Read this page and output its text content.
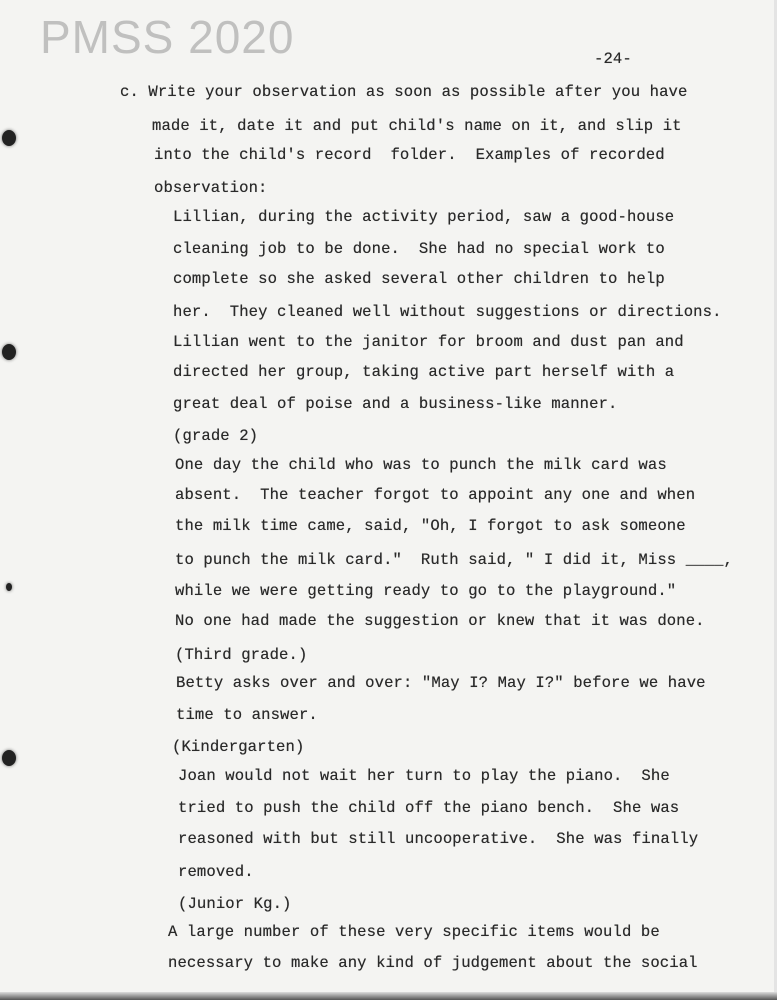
-24-
c. Write your observation as soon as possible after you have
made it, date it and put child's name on it, and slip it
into the child's record  folder.  Examples of recorded
observation:
Lillian, during the activity period, saw a good-house
cleaning job to be done.  She had no special work to
complete so she asked several other children to help
her.  They cleaned well without suggestions or directions.
Lillian went to the janitor for broom and dust pan and
directed her group, taking active part herself with a
great deal of poise and a business-like manner.
(grade 2)
One day the child who was to punch the milk card was
absent.  The teacher forgot to appoint any one and when
the milk time came, said, "Oh, I forgot to ask someone
to punch the milk card."  Ruth said, " I did it, Miss ____,
while we were getting ready to go to the playground."
No one had made the suggestion or knew that it was done.
(Third grade.)
Betty asks over and over: "May I? May I?" before we have
time to answer.
(Kindergarten)
Joan would not wait her turn to play the piano.  She
tried to push the child off the piano bench.  She was
reasoned with but still uncooperative.  She was finally
removed.
(Junior Kg.)
A large number of these very specific items would be
necessary to make any kind of judgement about the social
PMSS 2020
